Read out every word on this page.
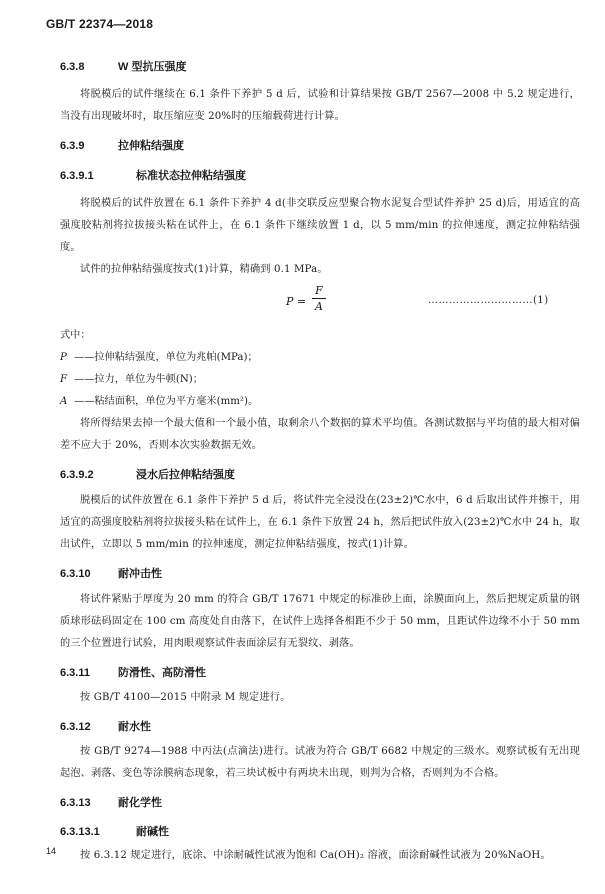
GB/T 22374—2018
6.3.8	W 型抗压强度

将脱模后的试件继续在 6.1 条件下养护 5 d 后，试验和计算结果按 GB/T 2567—2008 中 5.2 规定进行，当没有出现破坏时，取压缩应变 20%时的压缩载荷进行计算。

6.3.9	拉伸粘结强度
6.3.9.1	标准状态拉伸粘结强度

将脱模后的试件放置在 6.1 条件下养护 4 d(非交联反应型聚合物水泥复合型试件养护 25 d)后，用适宜的高强度胶粘剂将拉拔接头粘在试件上，在 6.1 条件下继续放置 1 d，以 5 mm/min 的拉伸速度，测定拉伸粘结强度。

试件的拉伸粘结强度按式(1)计算，精确到 0.1 MPa。

$P = \frac{F}{A}$	…………………………(1)

式中：

P ——拉伸粘结强度，单位为兆帕(MPa)；

F ——拉力，单位为牛顿(N)；

A ——粘结面积，单位为平方毫米(mm²)。

将所得结果去掉一个最大值和一个最小值，取剩余八个数据的算术平均值。各测试数据与平均值的最大相对偏差不应大于 20%，否则本次实验数据无效。

6.3.9.2	浸水后拉伸粘结强度

脱模后的试件放置在 6.1 条件下养护 5 d 后，将试件完全浸没在(23±2)℃水中，6 d 后取出试件并擦干，用适宜的高强度胶粘剂将拉拔接头粘在试件上，在 6.1 条件下放置 24 h，然后把试件放入(23±2)℃水中 24 h，取出试件，立即以 5 mm/min 的拉伸速度，测定拉伸粘结强度，按式(1)计算。

6.3.10 耐冲击性

将试件紧贴于厚度为 20 mm 的符合 GB/T 17671 中规定的标准砂上面，涂膜面向上，然后把规定质量的钢质球形砝码固定在 100 cm 高度处自由落下，在试件上选择各相距不少于 50 mm，且距试件边缘不小于 50 mm 的三个位置进行试验，用肉眼观察试件表面涂层有无裂纹、剥落。

6.3.11	防滑性、高防滑性

按 GB/T 4100—2015 中附录 M 规定进行。

6.3.12 耐水性

按 GB/T 9274—1988 中丙法(点滴法)进行。试液为符合 GB/T 6682 中规定的三级水。观察试板有无出现起泡、剥落、变色等涂膜病态现象，若三块试板中有两块未出现，则判为合格，否则判为不合格。

6.3.13 耐化学性
6.3.13.1	耐碱性

按 6.3.12 规定进行，底涂、中涂耐碱性试液为饱和 Ca(OH)₂ 溶液，面涂耐碱性试液为 20%NaOH。

14
